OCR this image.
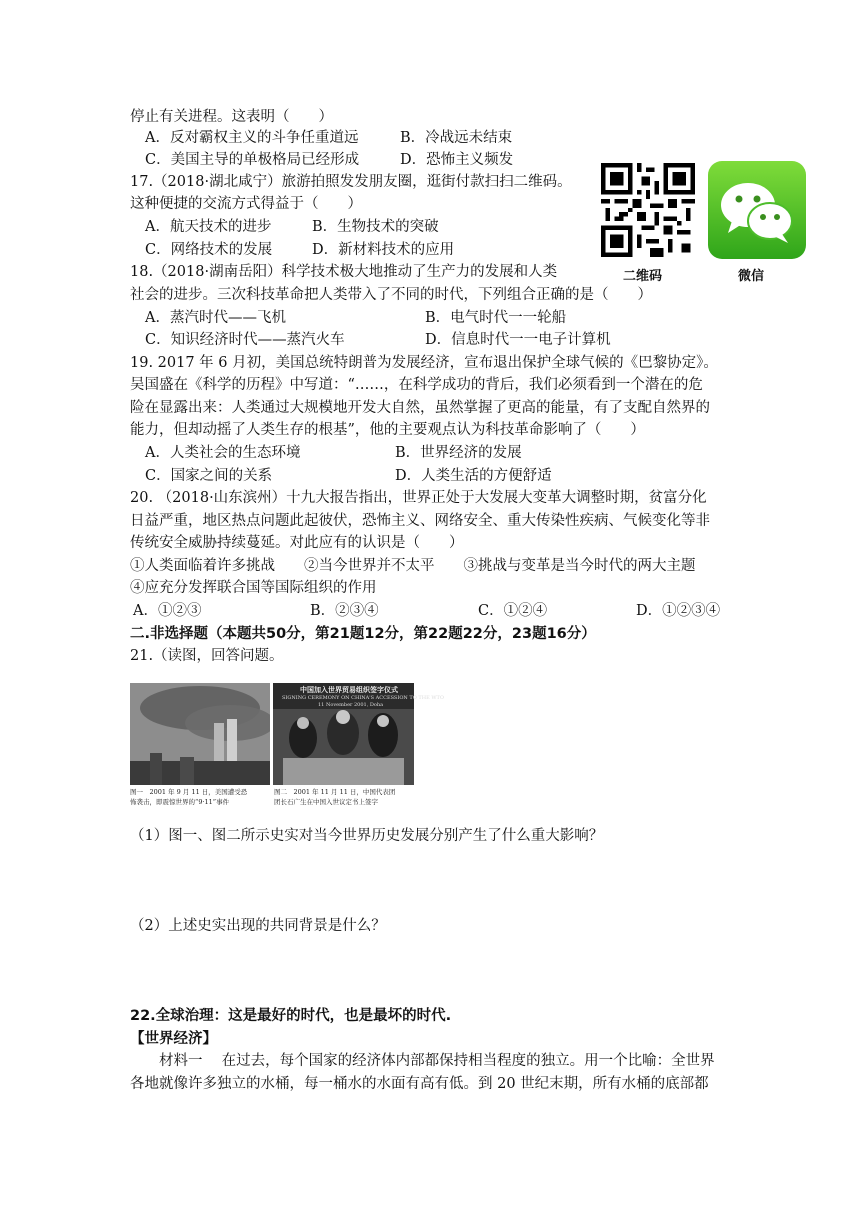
停止有关进程。这表明（　　）
A．反对霸权主义的斗争任重道远	B．冷战远未结束
C．美国主导的单极格局已经形成	D．恐怖主义频发
17.（2018·湖北咸宁）旅游拍照发发朋友圈，逛街付款扫扫二维码。
这种便捷的交流方式得益于（　　）
A．航天技术的进步	B．生物技术的突破
C．网络技术的发展	D．新材料技术的应用
二维码	微信
18.（2018·湖南岳阳）科学技术极大地推动了生产力的发展和人类
社会的进步。三次科技革命把人类带入了不同的时代，下列组合正确的是（　　）
A．蒸汽时代——飞机	B．电气时代一一轮船
C．知识经济时代——蒸汽火车	D．信息时代一一电子计算机
19. 2017 年 6 月初，美国总统特朗普为发展经济，宣布退出保护全球气候的《巴黎协定》。
吴国盛在《科学的历程》中写道：“……，在科学成功的背后，我们必须看到一个潜在的危
险在显露出来：人类通过大规模地开发大自然，虽然掌握了更高的能量，有了支配自然界的
能力，但却动摇了人类生存的根基”，他的主要观点认为科技革命影响了（　　）
A．人类社会的生态环境	B．世界经济的发展
C．国家之间的关系	D．人类生活的方便舒适
20. （2018·山东滨州）十九大报告指出，世界正处于大发展大变革大调整时期，贫富分化
日益严重，地区热点问题此起彼伏，恐怖主义、网络安全、重大传染性疾病、气候变化等非
传统安全威胁持续蔓延。对此应有的认识是（　　）
①人类面临着许多挑战　　②当今世界并不太平　　③挑战与变革是当今时代的两大主题
④应充分发挥联合国等国际组织的作用
A．①②③	B．②③④	C．①②④	D．①②③④
二.非选择题（本题共50分，第21题12分，第22题22分，23题16分）
21.（读图，回答问题。
图一　2001 年 9 月 11 日，美国遭受恐
怖袭击，即震惊世界的“9·11”事件
中国加入世界贸易组织签字仪式
SIGNING CEREMONY ON CHINA'S ACCESSION TO THE WTO
11 November 2001, Doha
图二　2001 年 11 月 11 日，中国代表团
团长石广生在中国入世议定书上签字
（1）图一、图二所示史实对当今世界历史发展分别产生了什么重大影响？
（2）上述史实出现的共同背景是什么？
22.全球治理：这是最好的时代，也是最坏的时代.
【世界经济】
材料一　 在过去，每个国家的经济体内部都保持相当程度的独立。用一个比喻：全世界
各地就像许多独立的水桶，每一桶水的水面有高有低。到 20 世纪末期，所有水桶的底部都
